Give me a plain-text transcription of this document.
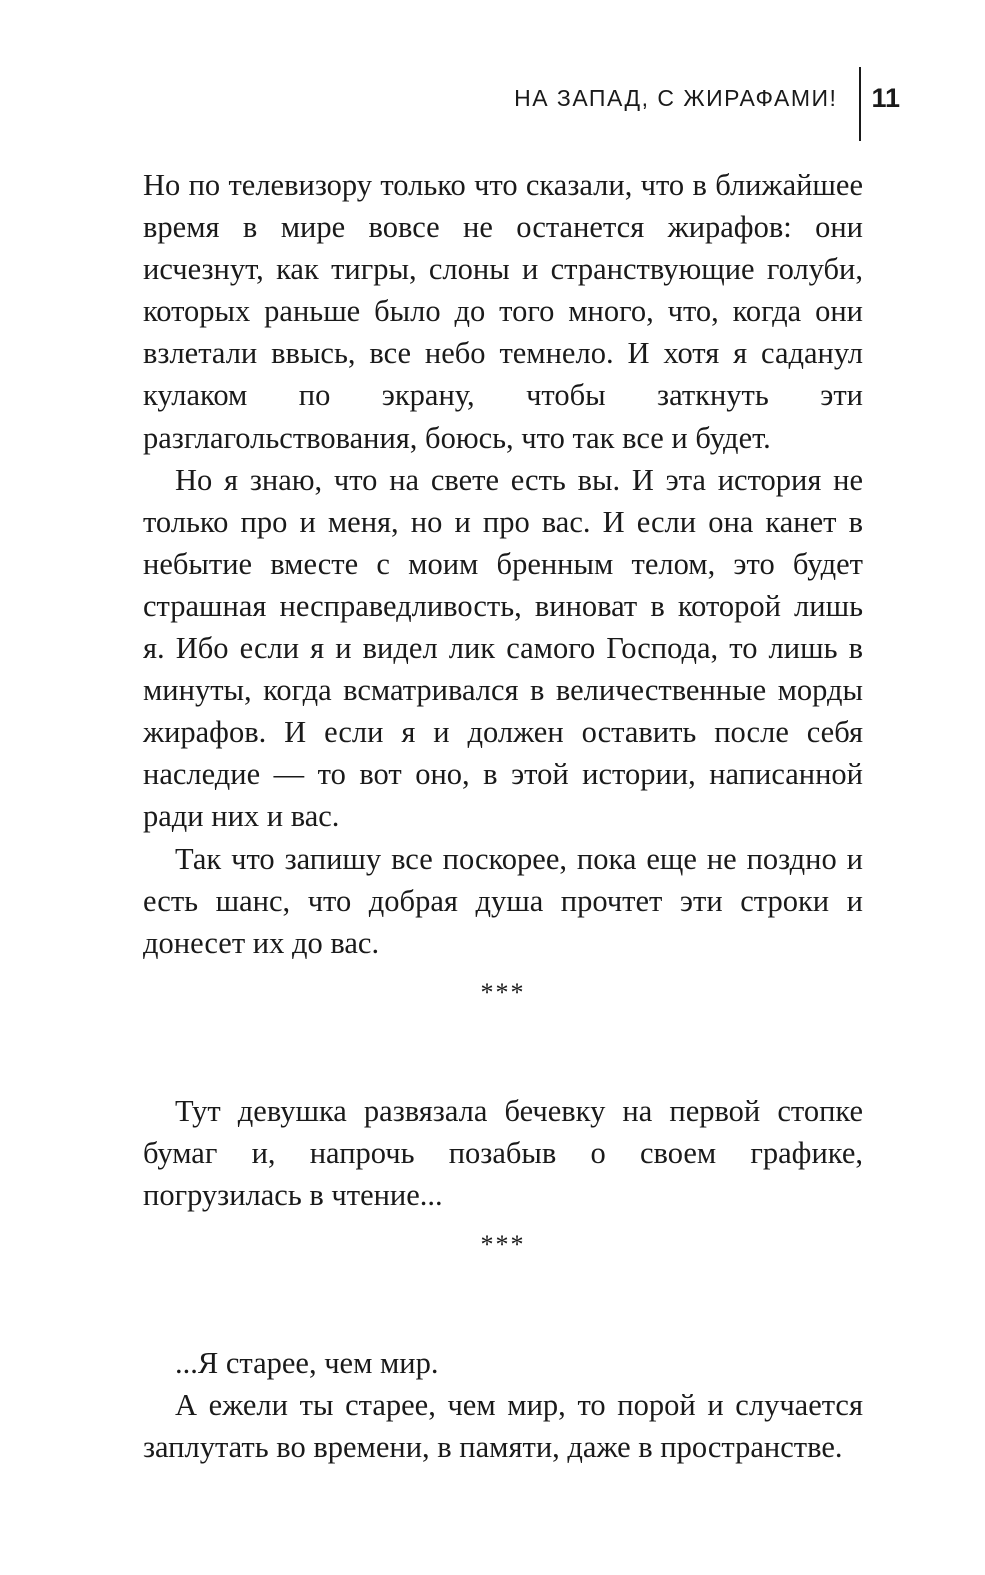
НА ЗАПАД, С ЖИРАФАМИ! 11

Но по телевизору только что сказали, что в ближайшее время в мире вовсе не останется жирафов: они исчезнут, как тигры, слоны и странствующие голуби, которых раньше было до того много, что, когда они взлетали ввысь, все небо темнело. И хотя я саданул кулаком по экрану, чтобы заткнуть эти разглагольствования, боюсь, что так все и будет.

Но я знаю, что на свете есть вы. И эта история не только про и меня, но и про вас. И если она канет в небытие вместе с моим бренным телом, это будет страшная несправедливость, виноват в которой лишь я. Ибо если я и видел лик самого Господа, то лишь в минуты, когда всматривался в величественные морды жирафов. И если я и должен оставить после себя наследие — то вот оно, в этой истории, написанной ради них и вас.

Так что запишу все поскорее, пока еще не поздно и есть шанс, что добрая душа прочтет эти строки и донесет их до вас.

***

Тут девушка развязала бечевку на первой стопке бумаг и, напрочь позабыв о своем графике, погрузилась в чтение...

***

...Я старее, чем мир.

А ежели ты старее, чем мир, то порой и случается заплутать во времени, в памяти, даже в пространстве.
